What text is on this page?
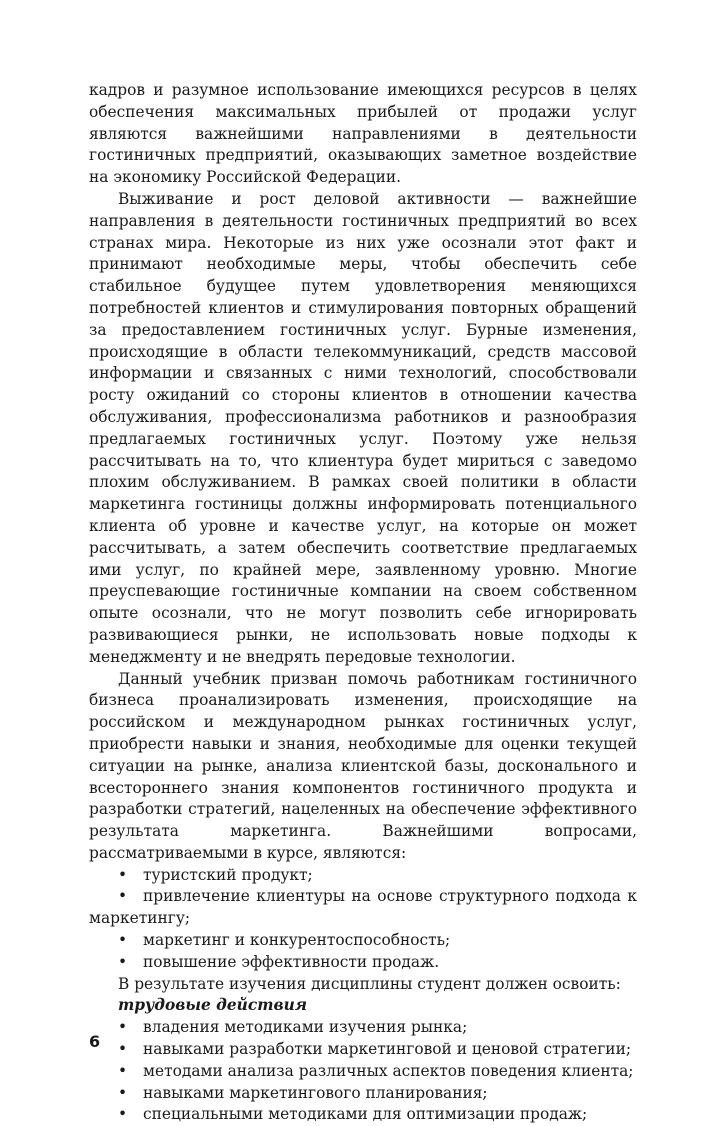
кадров и разумное использование имеющихся ресурсов в целях обеспечения максимальных прибылей от продажи услуг являются важнейшими направлениями в деятельности гостиничных предприятий, оказывающих заметное воздействие на экономику Российской Федерации.

Выживание и рост деловой активности — важнейшие направления в деятельности гостиничных предприятий во всех странах мира. Некоторые из них уже осознали этот факт и принимают необходимые меры, чтобы обеспечить себе стабильное будущее путем удовлетворения меняющихся потребностей клиентов и стимулирования повторных обращений за предоставлением гостиничных услуг. Бурные изменения, происходящие в области телекоммуникаций, средств массовой информации и связанных с ними технологий, способствовали росту ожиданий со стороны клиентов в отношении качества обслуживания, профессионализма работников и разнообразия предлагаемых гостиничных услуг. Поэтому уже нельзя рассчитывать на то, что клиентура будет мириться с заведомо плохим обслуживанием. В рамках своей политики в области маркетинга гостиницы должны информировать потенциального клиента об уровне и качестве услуг, на которые он может рассчитывать, а затем обеспечить соответствие предлагаемых ими услуг, по крайней мере, заявленному уровню. Многие преуспевающие гостиничные компании на своем собственном опыте осознали, что не могут позволить себе игнорировать развивающиеся рынки, не использовать новые подходы к менеджменту и не внедрять передовые технологии.

Данный учебник призван помочь работникам гостиничного бизнеса проанализировать изменения, происходящие на российском и международном рынках гостиничных услуг, приобрести навыки и знания, необходимые для оценки текущей ситуации на рынке, анализа клиентской базы, досконального и всестороннего знания компонентов гостиничного продукта и разработки стратегий, нацеленных на обеспечение эффективного результата маркетинга. Важнейшими вопросами, рассматриваемыми в курсе, являются:

• туристский продукт;
• привлечение клиентуры на основе структурного подхода к маркетингу;
• маркетинг и конкурентоспособность;
• повышение эффективности продаж.

В результате изучения дисциплины студент должен освоить:

трудовые действия

• владения методиками изучения рынка;
• навыками разработки маркетинговой и ценовой стратегии;
• методами анализа различных аспектов поведения клиента;
• навыками маркетингового планирования;
• специальными методиками для оптимизации продаж;
6
